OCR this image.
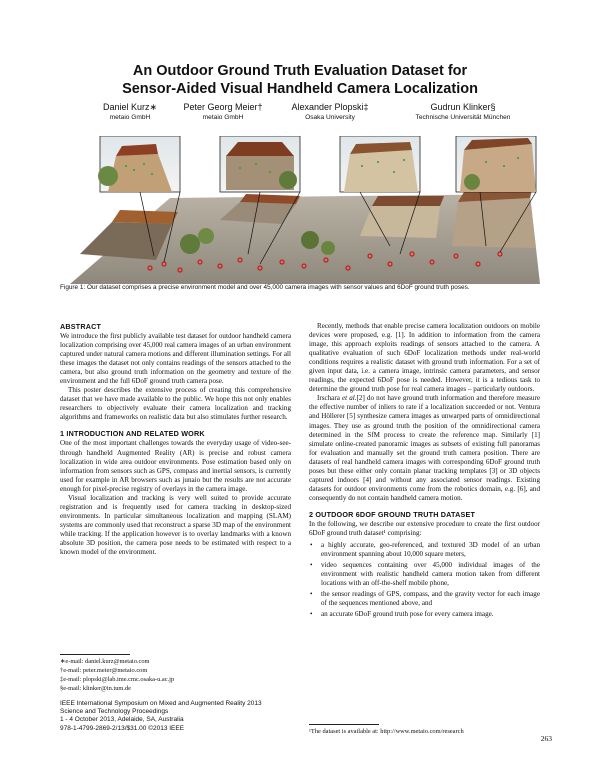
An Outdoor Ground Truth Evaluation Dataset for
Sensor-Aided Visual Handheld Camera Localization
Daniel Kurz∗
metaio GmbH
Peter Georg Meier†
metaio GmbH
Alexander Plopski‡
Osaka University
Gudrun Klinker§
Technische Universität München
Figure 1: Our dataset comprises a precise environment model and over 45,000 camera images with sensor values and 6DoF ground truth poses.
ABSTRACT

We introduce the first publicly available test dataset for outdoor handheld camera localization comprising over 45,000 real camera images of an urban environment captured under natural camera motions and different illumination settings. For all these images the dataset not only contains readings of the sensors attached to the camera, but also ground truth information on the geometry and texture of the environment and the full 6DoF ground truth camera pose.

This poster describes the extensive process of creating this comprehensive dataset that we have made available to the public. We hope this not only enables researchers to objectively evaluate their camera localization and tracking algorithms and frameworks on realistic data but also stimulates further research.

1 INTRODUCTION AND RELATED WORK

One of the most important challenges towards the everyday usage of video-see-through handheld Augmented Reality (AR) is precise and robust camera localization in wide area outdoor environments. Pose estimation based only on information from sensors such as GPS, compass and inertial sensors, is currently used for example in AR browsers such as junaio but the results are not accurate enough for pixel-precise registry of overlays in the camera image.

Visual localization and tracking is very well suited to provide accurate registration and is frequently used for camera tracking in desktop-sized environments. In particular simultaneous localization and mapping (SLAM) systems are commonly used that reconstruct a sparse 3D map of the environment while tracking. If the application however is to overlay landmarks with a known absolute 3D position, the camera pose needs to be estimated with respect to a known model of the environment.

∗e-mail: daniel.kurz@metaio.com

†e-mail: peter.meier@metaio.com

‡e-mail: plopski@lab.ime.cmc.osaka-u.ac.jp

§e-mail: klinker@in.tum.de

IEEE International Symposium on Mixed and Augmented Reality 2013
Science and Technology Proceedings
1 - 4 October 2013, Adelaide, SA, Australia
978-1-4799-2869-2/13/$31.00 ©2013 IEEE

Recently, methods that enable precise camera localization outdoors on mobile devices were proposed, e.g. [1]. In addition to information from the camera image, this approach exploits readings of sensors attached to the camera. A qualitative evaluation of such 6DoF localization methods under real-world conditions requires a realistic dataset with ground truth information. For a set of given input data, i.e. a camera image, intrinsic camera parameters, and sensor readings, the expected 6DoF pose is needed. However, it is a tedious task to determine the ground truth pose for real camera images – particularly outdoors.

Irschara et al.[2] do not have ground truth information and therefore measure the effective number of inliers to rate if a localization succeeded or not. Ventura and Höllerer [5] synthesize camera images as unwarped parts of omnidirectional images. They use as ground truth the position of the omnidirectional camera determined in the SfM process to create the reference map. Similarly [1] simulate online-created panoramic images as subsets of existing full panoramas for evaluation and manually set the ground truth camera position. There are datasets of real handheld camera images with corresponding 6DoF ground truth poses but these either only contain planar tracking templates [3] or 3D objects captured indoors [4] and without any associated sensor readings. Existing datasets for outdoor environments come from the robotics domain, e.g. [6], and consequently do not contain handheld camera motion.

2 OUTDOOR 6DOF GROUND TRUTH DATASET

In the following, we describe our extensive procedure to create the first outdoor 6DoF ground truth dataset¹ comprising:

• a highly accurate, geo-referenced, and textured 3D model of an urban environment spanning about 10,000 square meters,
• video sequences containing over 45,000 individual images of the environment with realistic handheld camera motion taken from different locations with an off-the-shelf mobile phone,
• the sensor readings of GPS, compass, and the gravity vector for each image of the sequences mentioned above, and
• an accurate 6DoF ground truth pose for every camera image.

¹The dataset is available at: http://www.metaio.com/research

263
